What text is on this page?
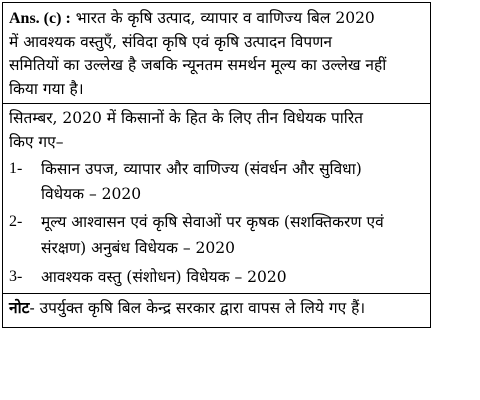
Ans. (c) : भारत के कृषि उत्पाद, व्यापार व वाणिज्य बिल 2020
में आवश्यक वस्तुएँ, संविदा कृषि एवं कृषि उत्पादन विपणन
समितियों का उल्लेख है जबकि न्यूनतम समर्थन मूल्य का उल्लेख नहीं
किया गया है।
सितम्बर, 2020 में किसानों के हित के लिए तीन विधेयक पारित
किए गए–
1- किसान उपज, व्यापार और वाणिज्य (संवर्धन और सुविधा)
विधेयक – 2020
2- मूल्य आश्वासन एवं कृषि सेवाओं पर कृषक (सशक्तिकरण एवं
संरक्षण) अनुबंध विधेयक – 2020
3- आवश्यक वस्तु (संशोधन) विधेयक – 2020
नोट- उपर्युक्त कृषि बिल केन्द्र सरकार द्वारा वापस ले लिये गए हैं।
